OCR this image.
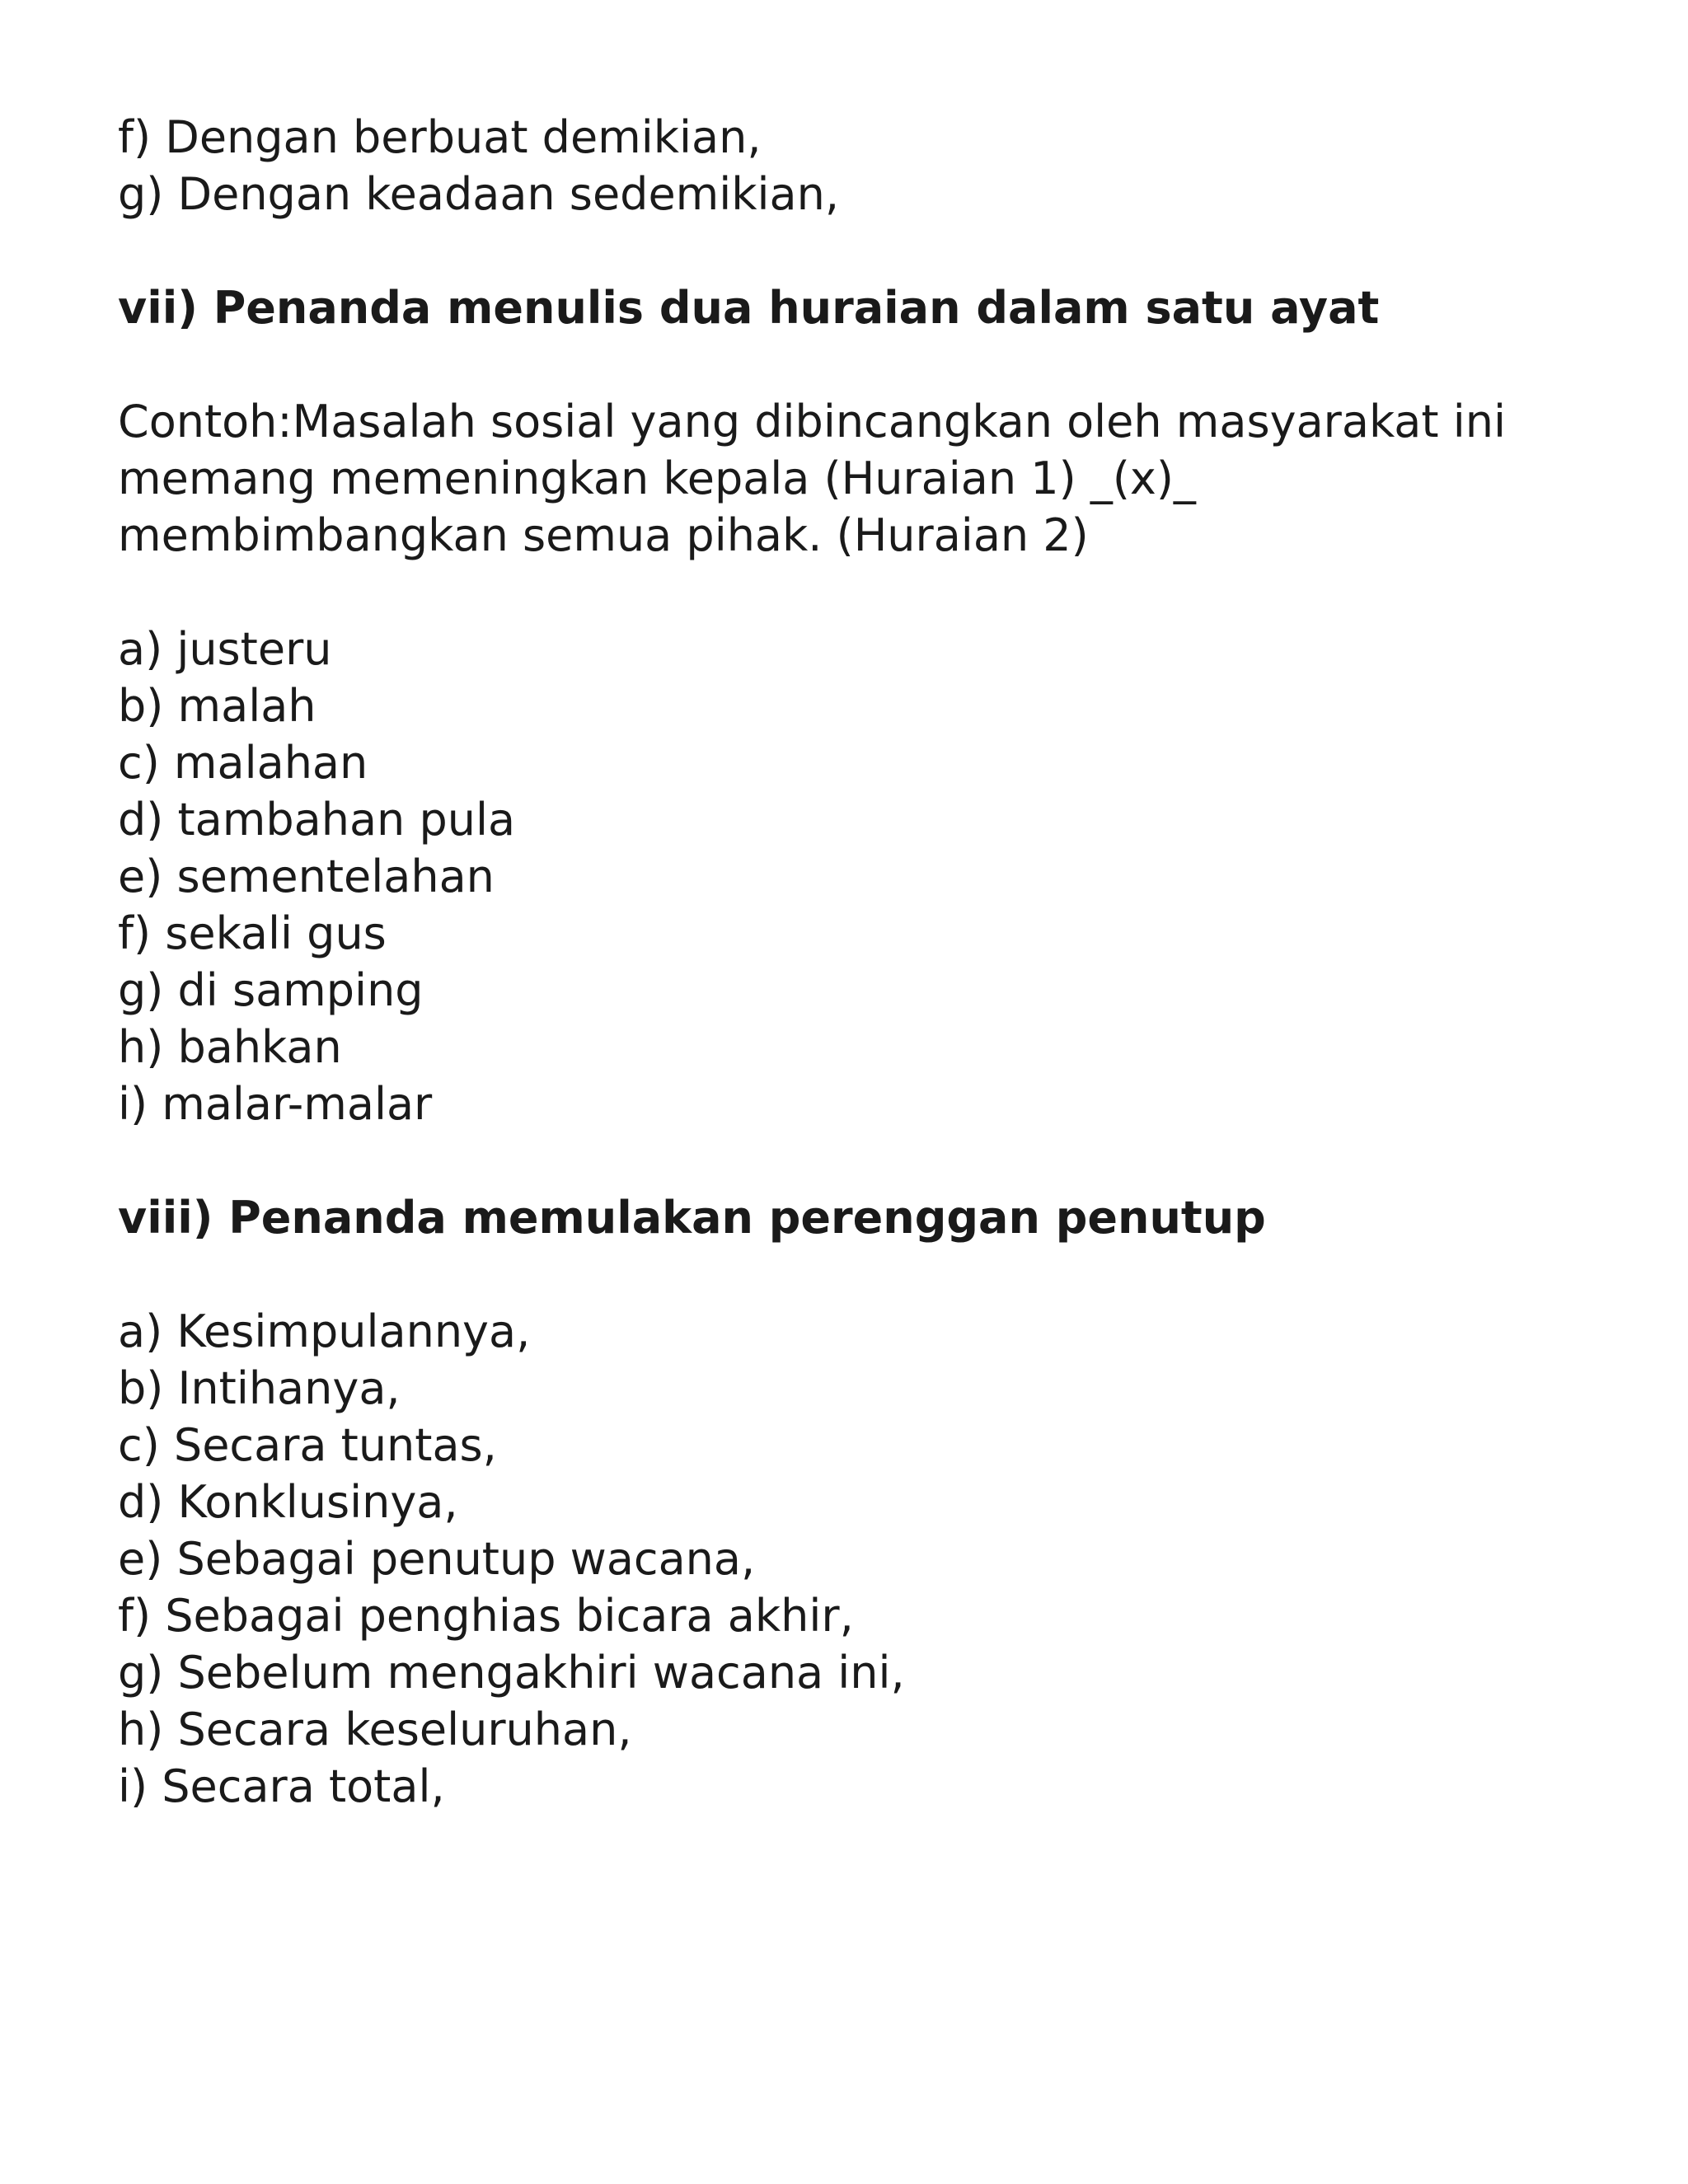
f) Dengan berbuat demikian,

g) Dengan keadaan sedemikian,

vii) Penanda menulis dua huraian dalam satu ayat

Contoh:Masalah sosial yang dibincangkan oleh masyarakat ini

memang memeningkan kepala (Huraian 1) _(x)_

membimbangkan semua pihak. (Huraian 2)

a) justeru

b) malah

c) malahan

d) tambahan pula

e) sementelahan

f) sekali gus

g) di samping

h) bahkan

i) malar-malar

viii) Penanda memulakan perenggan penutup

a) Kesimpulannya,

b) Intihanya,

c) Secara tuntas,

d) Konklusinya,

e) Sebagai penutup wacana,

f) Sebagai penghias bicara akhir,

g) Sebelum mengakhiri wacana ini,

h) Secara keseluruhan,

i) Secara total,
